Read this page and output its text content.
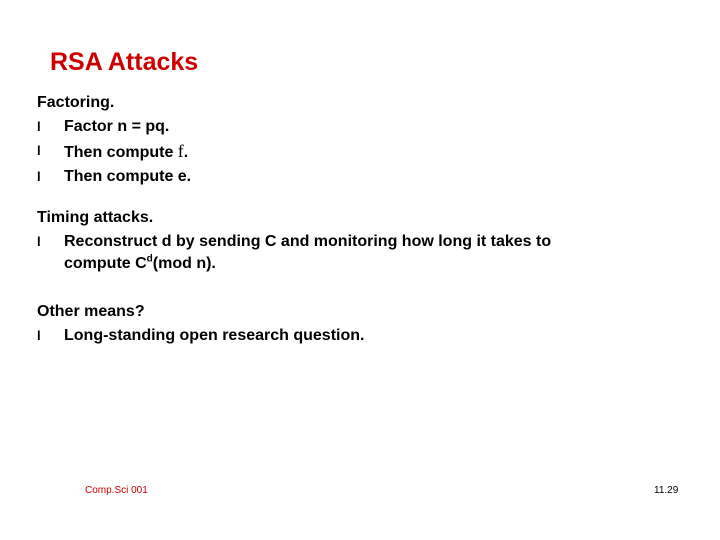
RSA Attacks
Factoring.
l Factor n = pq.
l Then compute f.
l Then compute e.
Timing attacks.
l Reconstruct d by sending C and monitoring how long it takes to
compute $C^d(mod$ n).
Other means?
l Long-standing open research question.
Comp.Sci 001	11.29
